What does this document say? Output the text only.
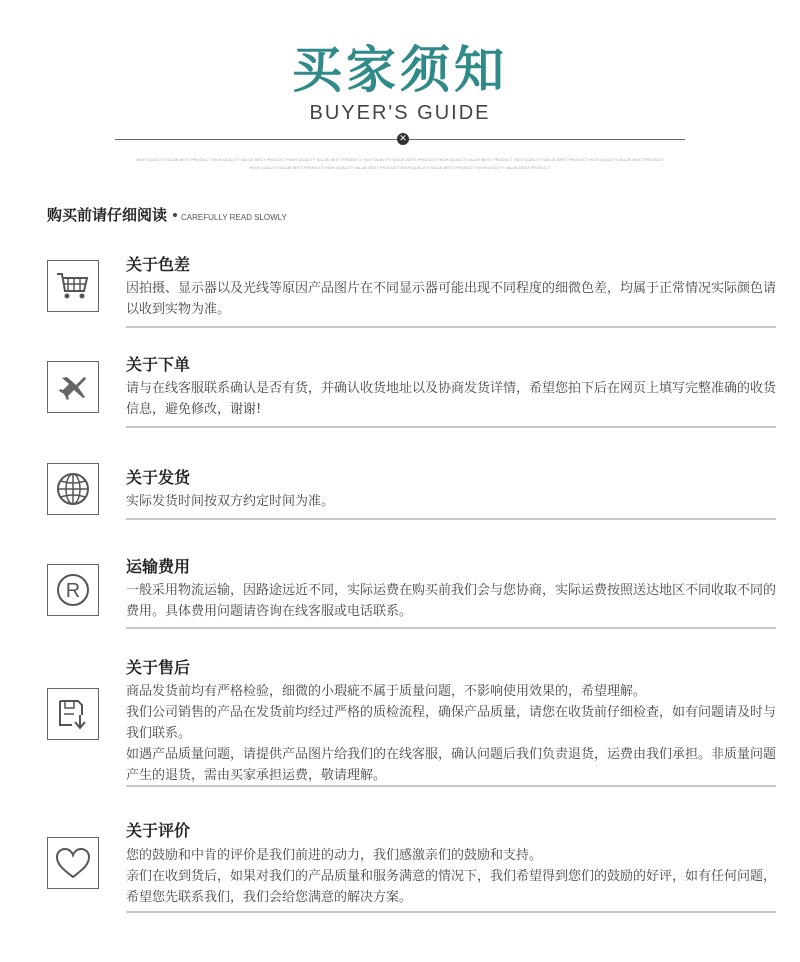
买家须知
BUYER'S GUIDE
✕
HIGH QUALITY VALUE BEST PRODUCT HIGH QUALITY VALUE BEST PRODUCT HIGH QUALITY VALUE BEST PRODUCT HIGH QUALITY VALUE BEST PRODUCT HIGH QUALITY VALUE BEST PRODUCT HIGH QUALITY VALUE BEST PRODUCT HIGH QUALITY VALUE BEST PRODUCT
HIGH QUALITY VALUE BEST PRODUCT HIGH QUALITY VALUE BEST PRODUCT HIGH QUALITY VALUE BEST PRODUCT HIGH QUALITY VALUE BEST PRODUCT
购买前请仔细阅读 CAREFULLY READ SLOWLY
关于色差

因拍摄、显示器以及光线等原因产品图片在不同显示器可能出现不同程度的细微色差，均属于正常情况实际颜色请以收到实物为准。

关于下单

请与在线客服联系确认是否有货，并确认收货地址以及协商发货详情，希望您拍下后在网页上填写完整准确的收货信息，避免修改，谢谢!

关于发货

实际发货时间按双方约定时间为准。

R
运输费用

一般采用物流运输，因路途远近不同，实际运费在购买前我们会与您协商，实际运费按照送达地区不同收取不同的费用。具体费用问题请咨询在线客服或电话联系。

关于售后

商品发货前均有严格检验，细微的小瑕疵不属于质量问题，不影响使用效果的，希望理解。

我们公司销售的产品在发货前均经过严格的质检流程，确保产品质量，请您在收货前仔细检查，如有问题请及时与我们联系。

如遇产品质量问题，请提供产品图片给我们的在线客服，确认问题后我们负责退货，运费由我们承担。非质量问题产生的退货，需由买家承担运费，敬请理解。

关于评价

您的鼓励和中肯的评价是我们前进的动力，我们感激亲们的鼓励和支持。

亲们在收到货后，如果对我们的产品质量和服务满意的情况下，我们希望得到您们的鼓励的好评，如有任何问题，希望您先联系我们，我们会给您满意的解决方案。
